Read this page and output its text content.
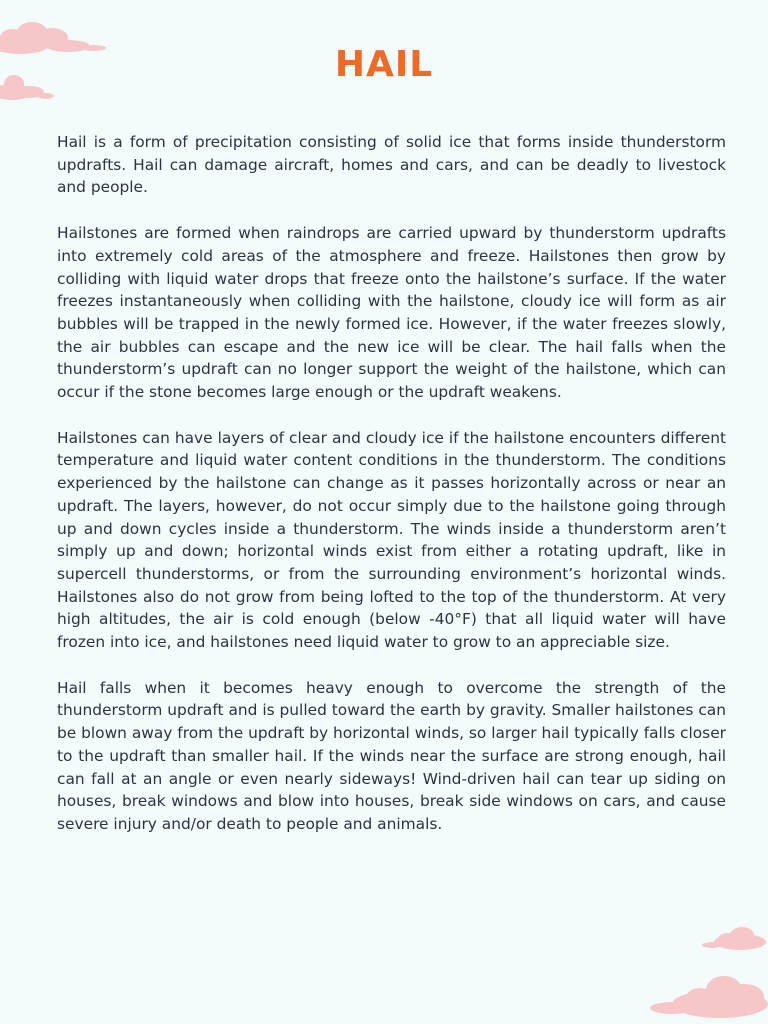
HAIL

Hail is a form of precipitation consisting of solid ice that forms inside thunderstorm updrafts. Hail can damage aircraft, homes and cars, and can be deadly to livestock and people.

Hailstones are formed when raindrops are carried upward by thunderstorm updrafts into extremely cold areas of the atmosphere and freeze. Hailstones then grow by colliding with liquid water drops that freeze onto the hailstone’s surface. If the water freezes instantaneously when colliding with the hailstone, cloudy ice will form as air bubbles will be trapped in the newly formed ice. However, if the water freezes slowly, the air bubbles can escape and the new ice will be clear. The hail falls when the thunderstorm’s updraft can no longer support the weight of the hailstone, which can occur if the stone becomes large enough or the updraft weakens.

Hailstones can have layers of clear and cloudy ice if the hailstone encounters different temperature and liquid water content conditions in the thunderstorm. The conditions experienced by the hailstone can change as it passes horizontally across or near an updraft. The layers, however, do not occur simply due to the hailstone going through up and down cycles inside a thunderstorm. The winds inside a thunderstorm aren’t simply up and down; horizontal winds exist from either a rotating updraft, like in supercell thunderstorms, or from the surrounding environment’s horizontal winds. Hailstones also do not grow from being lofted to the top of the thunderstorm. At very high altitudes, the air is cold enough (below -40°F) that all liquid water will have frozen into ice, and hailstones need liquid water to grow to an appreciable size.

Hail falls when it becomes heavy enough to overcome the strength of the thunderstorm updraft and is pulled toward the earth by gravity. Smaller hailstones can be blown away from the updraft by horizontal winds, so larger hail typically falls closer to the updraft than smaller hail. If the winds near the surface are strong enough, hail can fall at an angle or even nearly sideways! Wind-driven hail can tear up siding on houses, break windows and blow into houses, break side windows on cars, and cause severe injury and/or death to people and animals.
